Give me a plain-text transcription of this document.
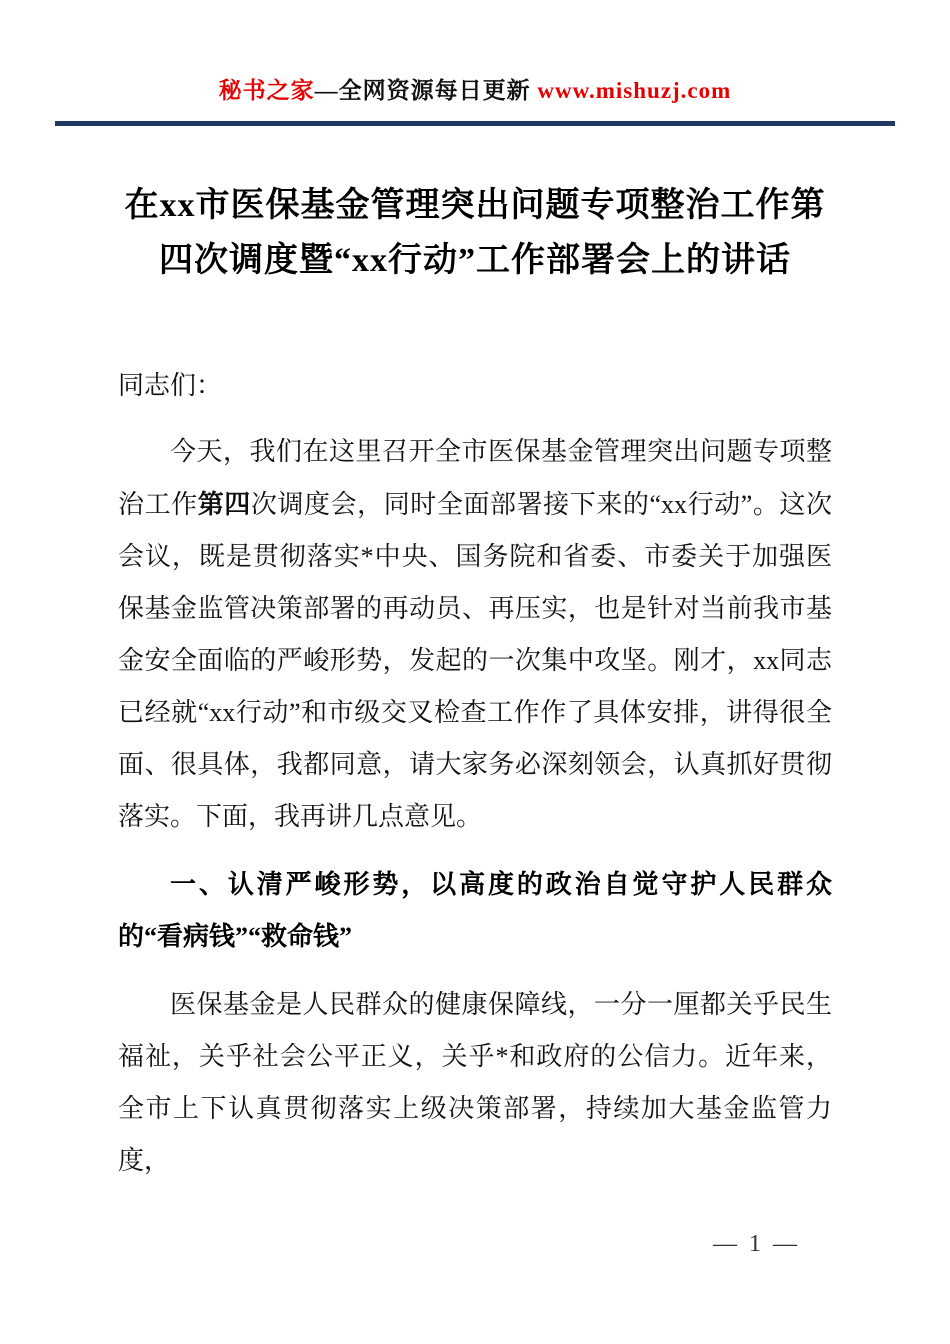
秘书之家—全网资源每日更新 www.mishuzj.com
在xx市医保基金管理突出问题专项整治工作第四次调度暨“xx行动”工作部署会上的讲话

同志们：

今天，我们在这里召开全市医保基金管理突出问题专项整治工作第四次调度会，同时全面部署接下来的“xx行动”。这次会议，既是贯彻落实*中央、国务院和省委、市委关于加强医保基金监管决策部署的再动员、再压实，也是针对当前我市基金安全面临的严峻形势，发起的一次集中攻坚。刚才，xx同志已经就“xx行动”和市级交叉检查工作作了具体安排，讲得很全面、很具体，我都同意，请大家务必深刻领会，认真抓好贯彻落实。下面，我再讲几点意见。

一、认清严峻形势，以高度的政治自觉守护人民群众的“看病钱”“救命钱”

医保基金是人民群众的健康保障线，一分一厘都关乎民生福祉，关乎社会公平正义，关乎*和政府的公信力。近年来，全市上下认真贯彻落实上级决策部署，持续加大基金监管力度，

— 1 —
